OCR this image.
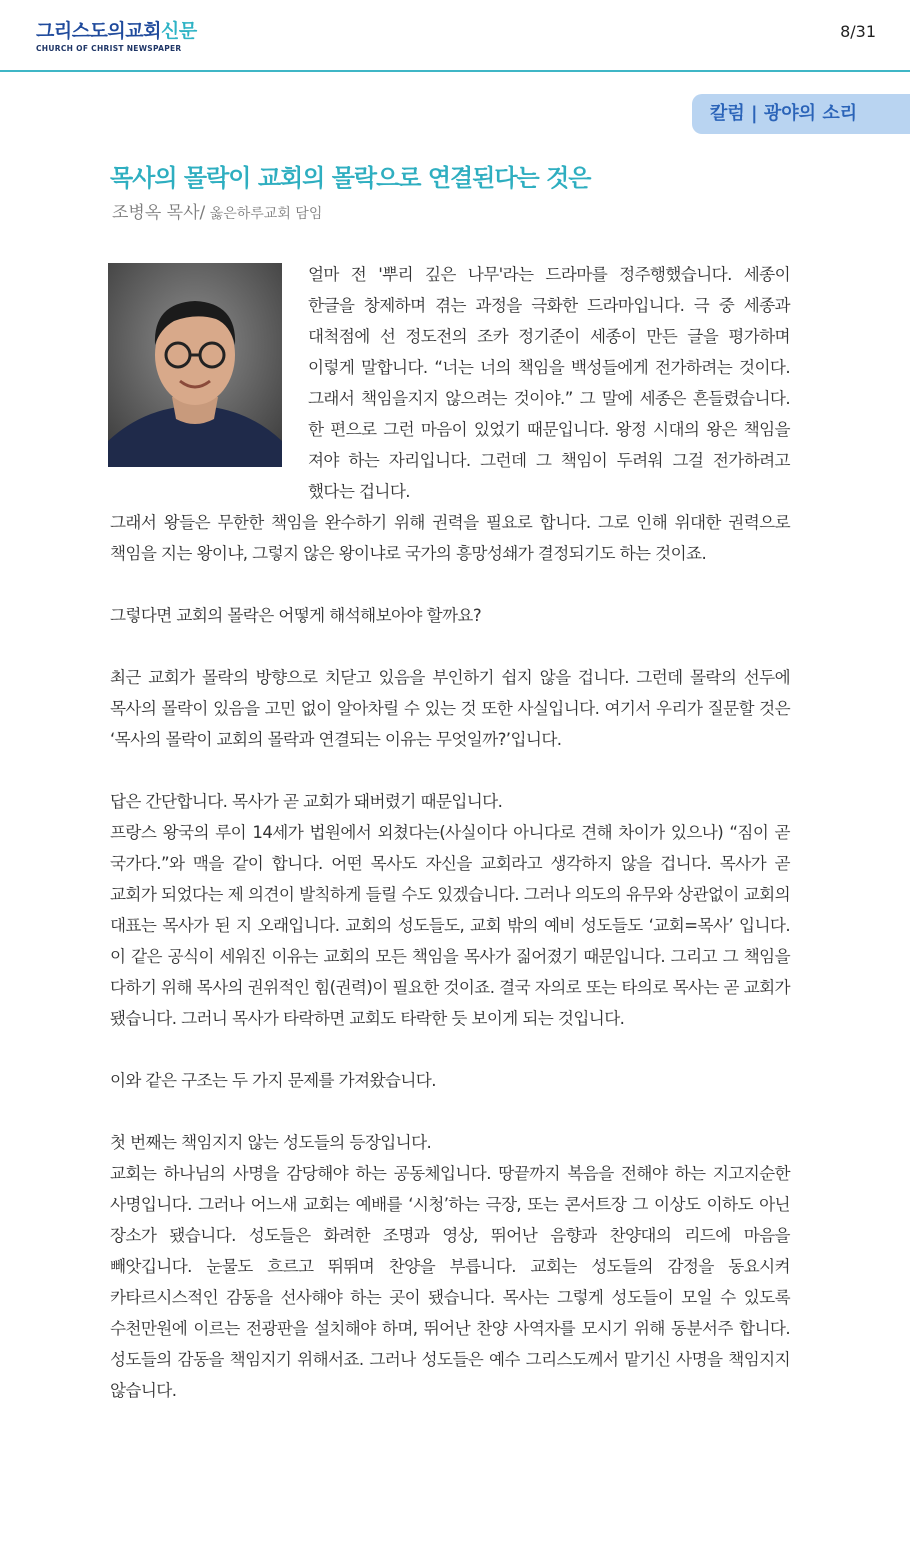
그리스도의교회신문
CHURCH OF CHRIST NEWSPAPER
8/31
칼럼 | 광야의 소리
목사의 몰락이 교회의 몰락으로 연결된다는 것은
조병옥 목사/ 옳은하루교회 담임

얼마 전 '뿌리 깊은 나무'라는 드라마를 정주행했습니다. 세종이 한글을 창제하며 겪는 과정을 극화한 드라마입니다. 극 중 세종과 대척점에 선 정도전의 조카 정기준이 세종이 만든 글을 평가하며 이렇게 말합니다. “너는 너의 책임을 백성들에게 전가하려는 것이다. 그래서 책임을지지 않으려는 것이야.” 그 말에 세종은 흔들렸습니다. 한 편으로 그런 마음이 있었기 때문입니다. 왕정 시대의 왕은 책임을 져야 하는 자리입니다. 그런데 그 책임이 두려워 그걸 전가하려고 했다는 겁니다.

그래서 왕들은 무한한 책임을 완수하기 위해 권력을 필요로 합니다. 그로 인해 위대한 권력으로 책임을 지는 왕이냐, 그렇지 않은 왕이냐로 국가의 흥망성쇄가 결정되기도 하는 것이죠.

그렇다면 교회의 몰락은 어떻게 해석해보아야 할까요?

최근 교회가 몰락의 방향으로 치닫고 있음을 부인하기 쉽지 않을 겁니다. 그런데 몰락의 선두에 목사의 몰락이 있음을 고민 없이 알아차릴 수 있는 것 또한 사실입니다. 여기서 우리가 질문할 것은 ‘목사의 몰락이 교회의 몰락과 연결되는 이유는 무엇일까?’입니다.

답은 간단합니다. 목사가 곧 교회가 돼버렸기 때문입니다.

프랑스 왕국의 루이 14세가 법원에서 외쳤다는(사실이다 아니다로 견해 차이가 있으나) “짐이 곧 국가다.”와 맥을 같이 합니다. 어떤 목사도 자신을 교회라고 생각하지 않을 겁니다. 목사가 곧 교회가 되었다는 제 의견이 발칙하게 들릴 수도 있겠습니다. 그러나 의도의 유무와 상관없이 교회의 대표는 목사가 된 지 오래입니다. 교회의 성도들도, 교회 밖의 예비 성도들도 ‘교회=목사’ 입니다. 이 같은 공식이 세워진 이유는 교회의 모든 책임을 목사가 짊어졌기 때문입니다. 그리고 그 책임을 다하기 위해 목사의 권위적인 힘(권력)이 필요한 것이죠. 결국 자의로 또는 타의로 목사는 곧 교회가 됐습니다. 그러니 목사가 타락하면 교회도 타락한 듯 보이게 되는 것입니다.

이와 같은 구조는 두 가지 문제를 가져왔습니다.

첫 번째는 책임지지 않는 성도들의 등장입니다.

교회는 하나님의 사명을 감당해야 하는 공동체입니다. 땅끝까지 복음을 전해야 하는 지고지순한 사명입니다. 그러나 어느새 교회는 예배를 ‘시청’하는 극장, 또는 콘서트장 그 이상도 이하도 아닌 장소가 됐습니다. 성도들은 화려한 조명과 영상, 뛰어난 음향과 찬양대의 리드에 마음을 빼앗깁니다. 눈물도 흐르고 뛰뛰며 찬양을 부릅니다. 교회는 성도들의 감정을 동요시켜 카타르시스적인 감동을 선사해야 하는 곳이 됐습니다. 목사는 그렇게 성도들이 모일 수 있도록 수천만원에 이르는 전광판을 설치해야 하며, 뛰어난 찬양 사역자를 모시기 위해 동분서주 합니다. 성도들의 감동을 책임지기 위해서죠. 그러나 성도들은 예수 그리스도께서 맡기신 사명을 책임지지 않습니다.
